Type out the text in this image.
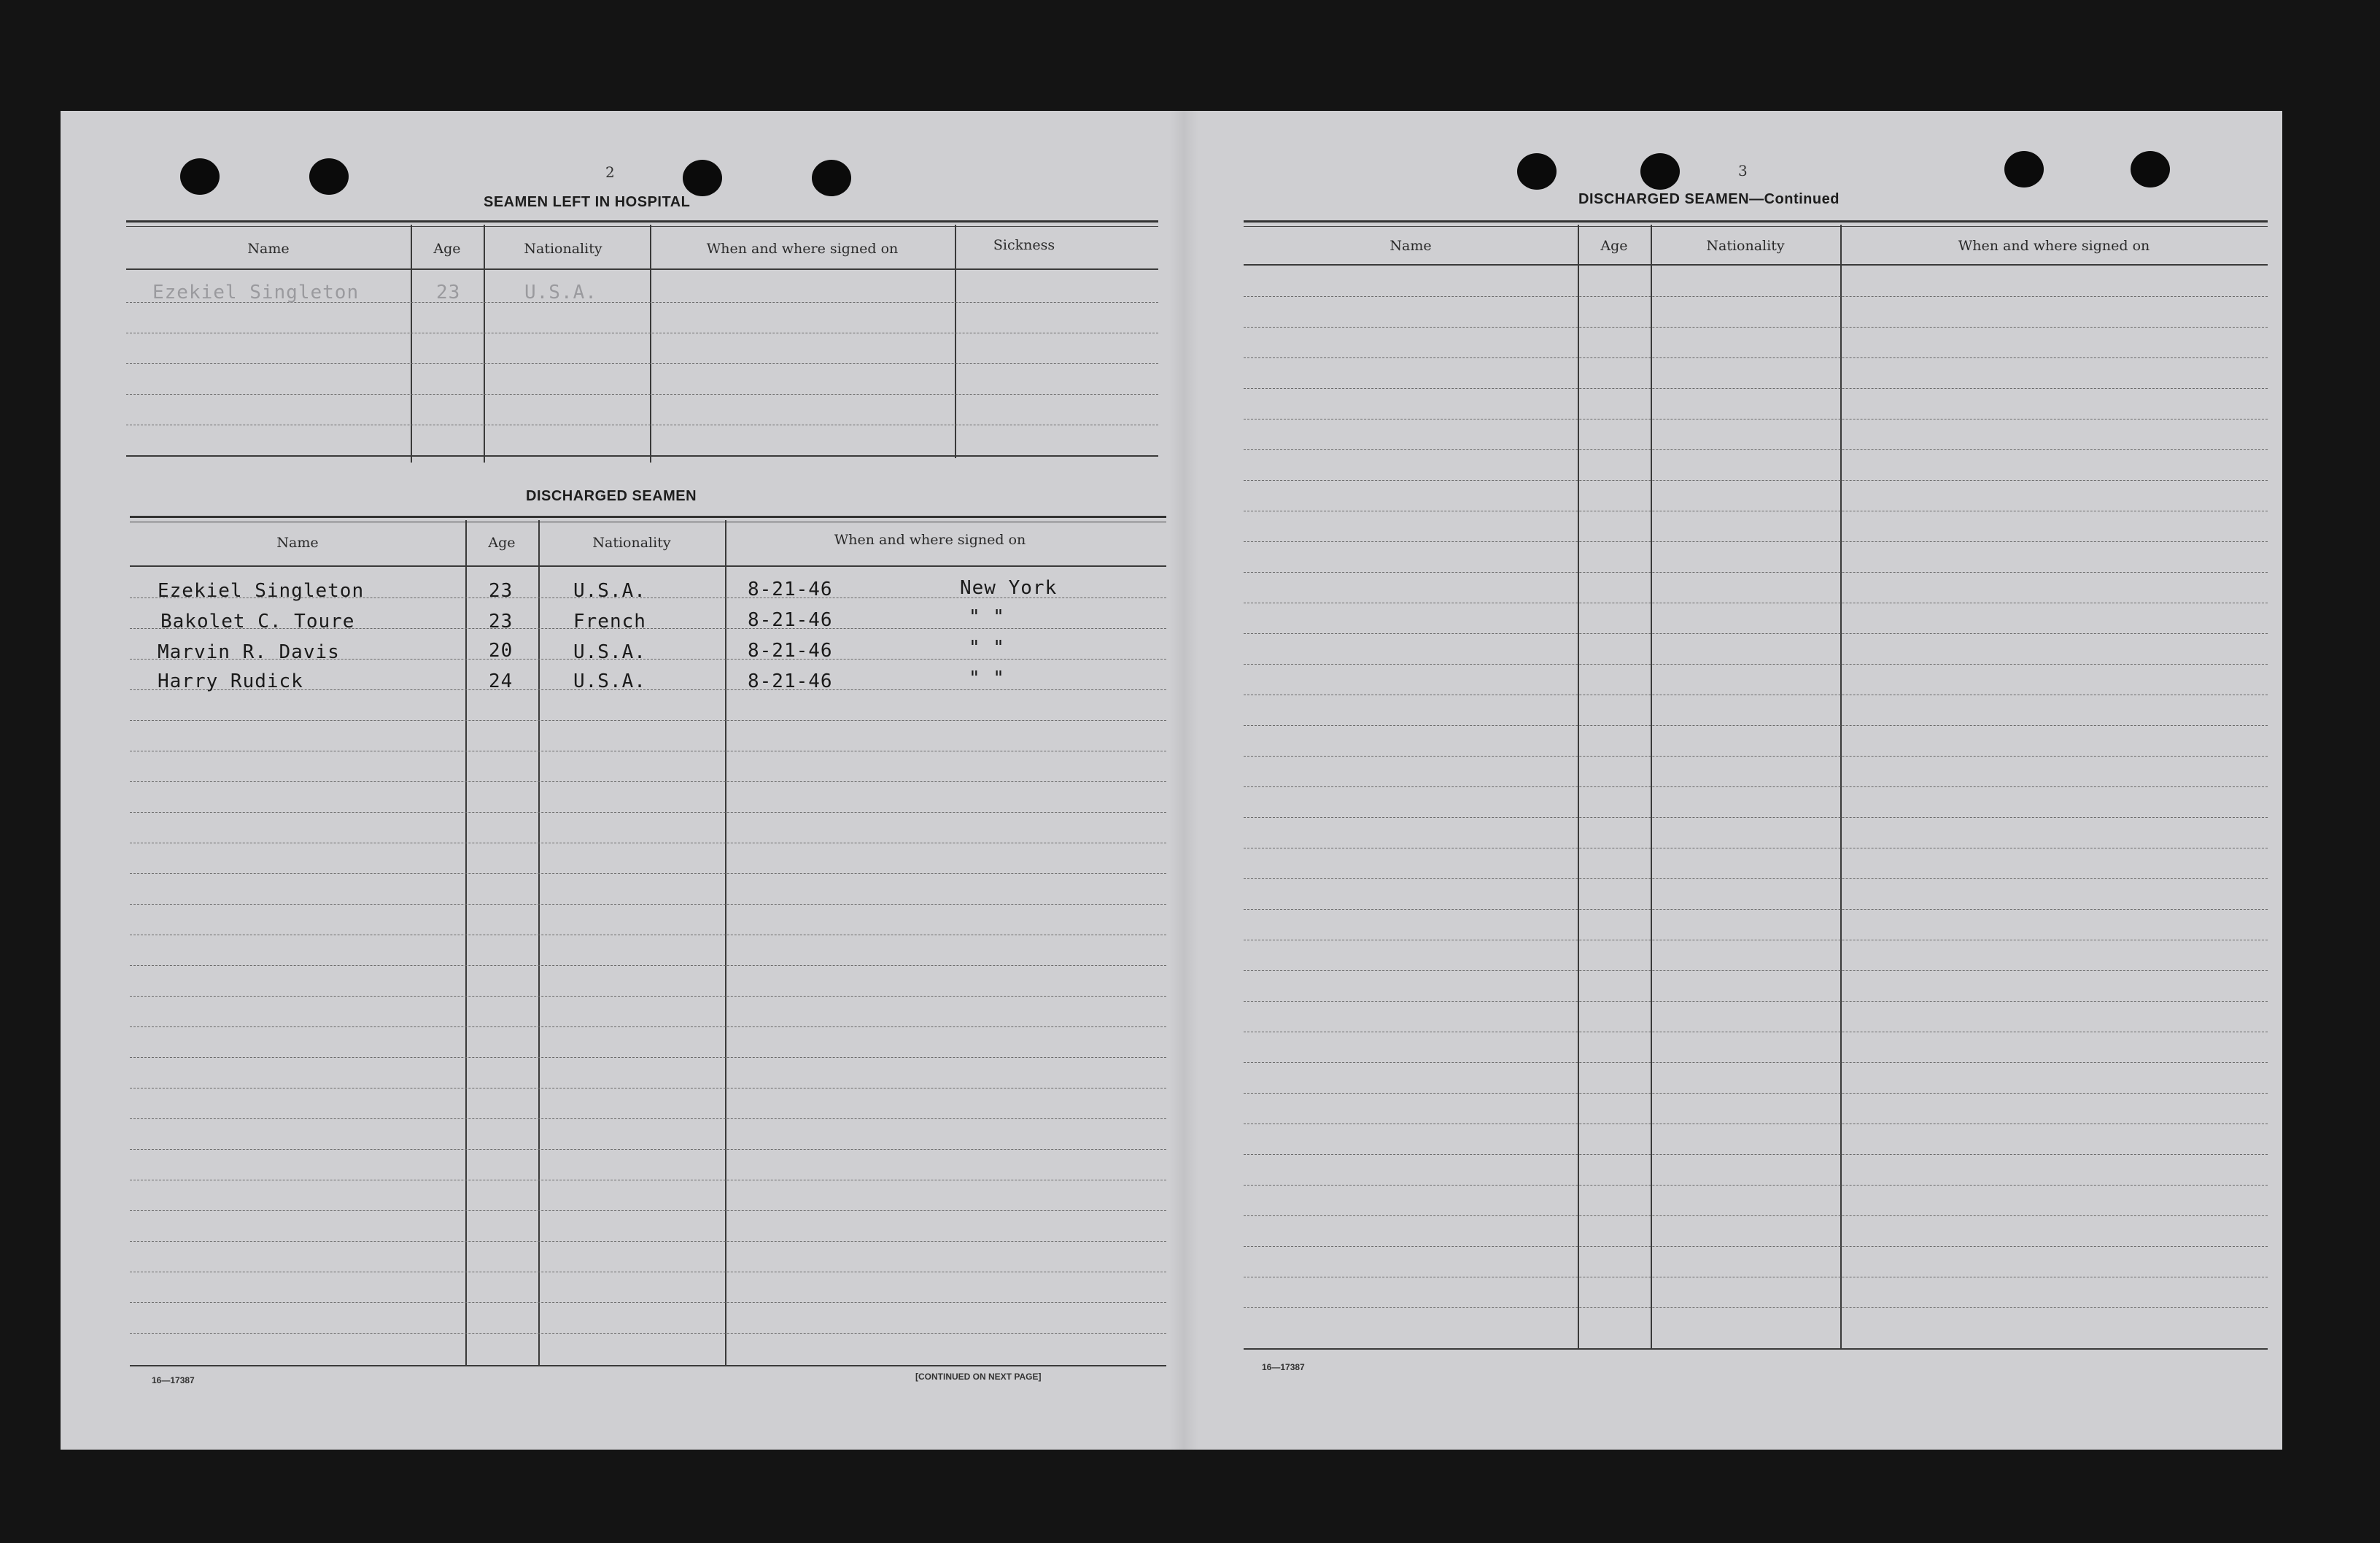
2
SEAMEN LEFT IN HOSPITAL
Name	Age	Nationality	When and where signed on	Sickness
Ezekiel Singleton	23	U.S.A.
DISCHARGED SEAMEN
Name	Age	Nationality	When and where signed on
Ezekiel Singleton	23	U.S.A.	8-21-46	New York
Bakolet C. Toure	23	French	8-21-46	" "
Marvin R. Davis	20	U.S.A.	8-21-46	" "
Harry Rudick	24	U.S.A.	8-21-46	" "
16—17387	[CONTINUED ON NEXT PAGE]
3
DISCHARGED SEAMEN—Continued
Name	Age	Nationality	When and where signed on
16—17387
